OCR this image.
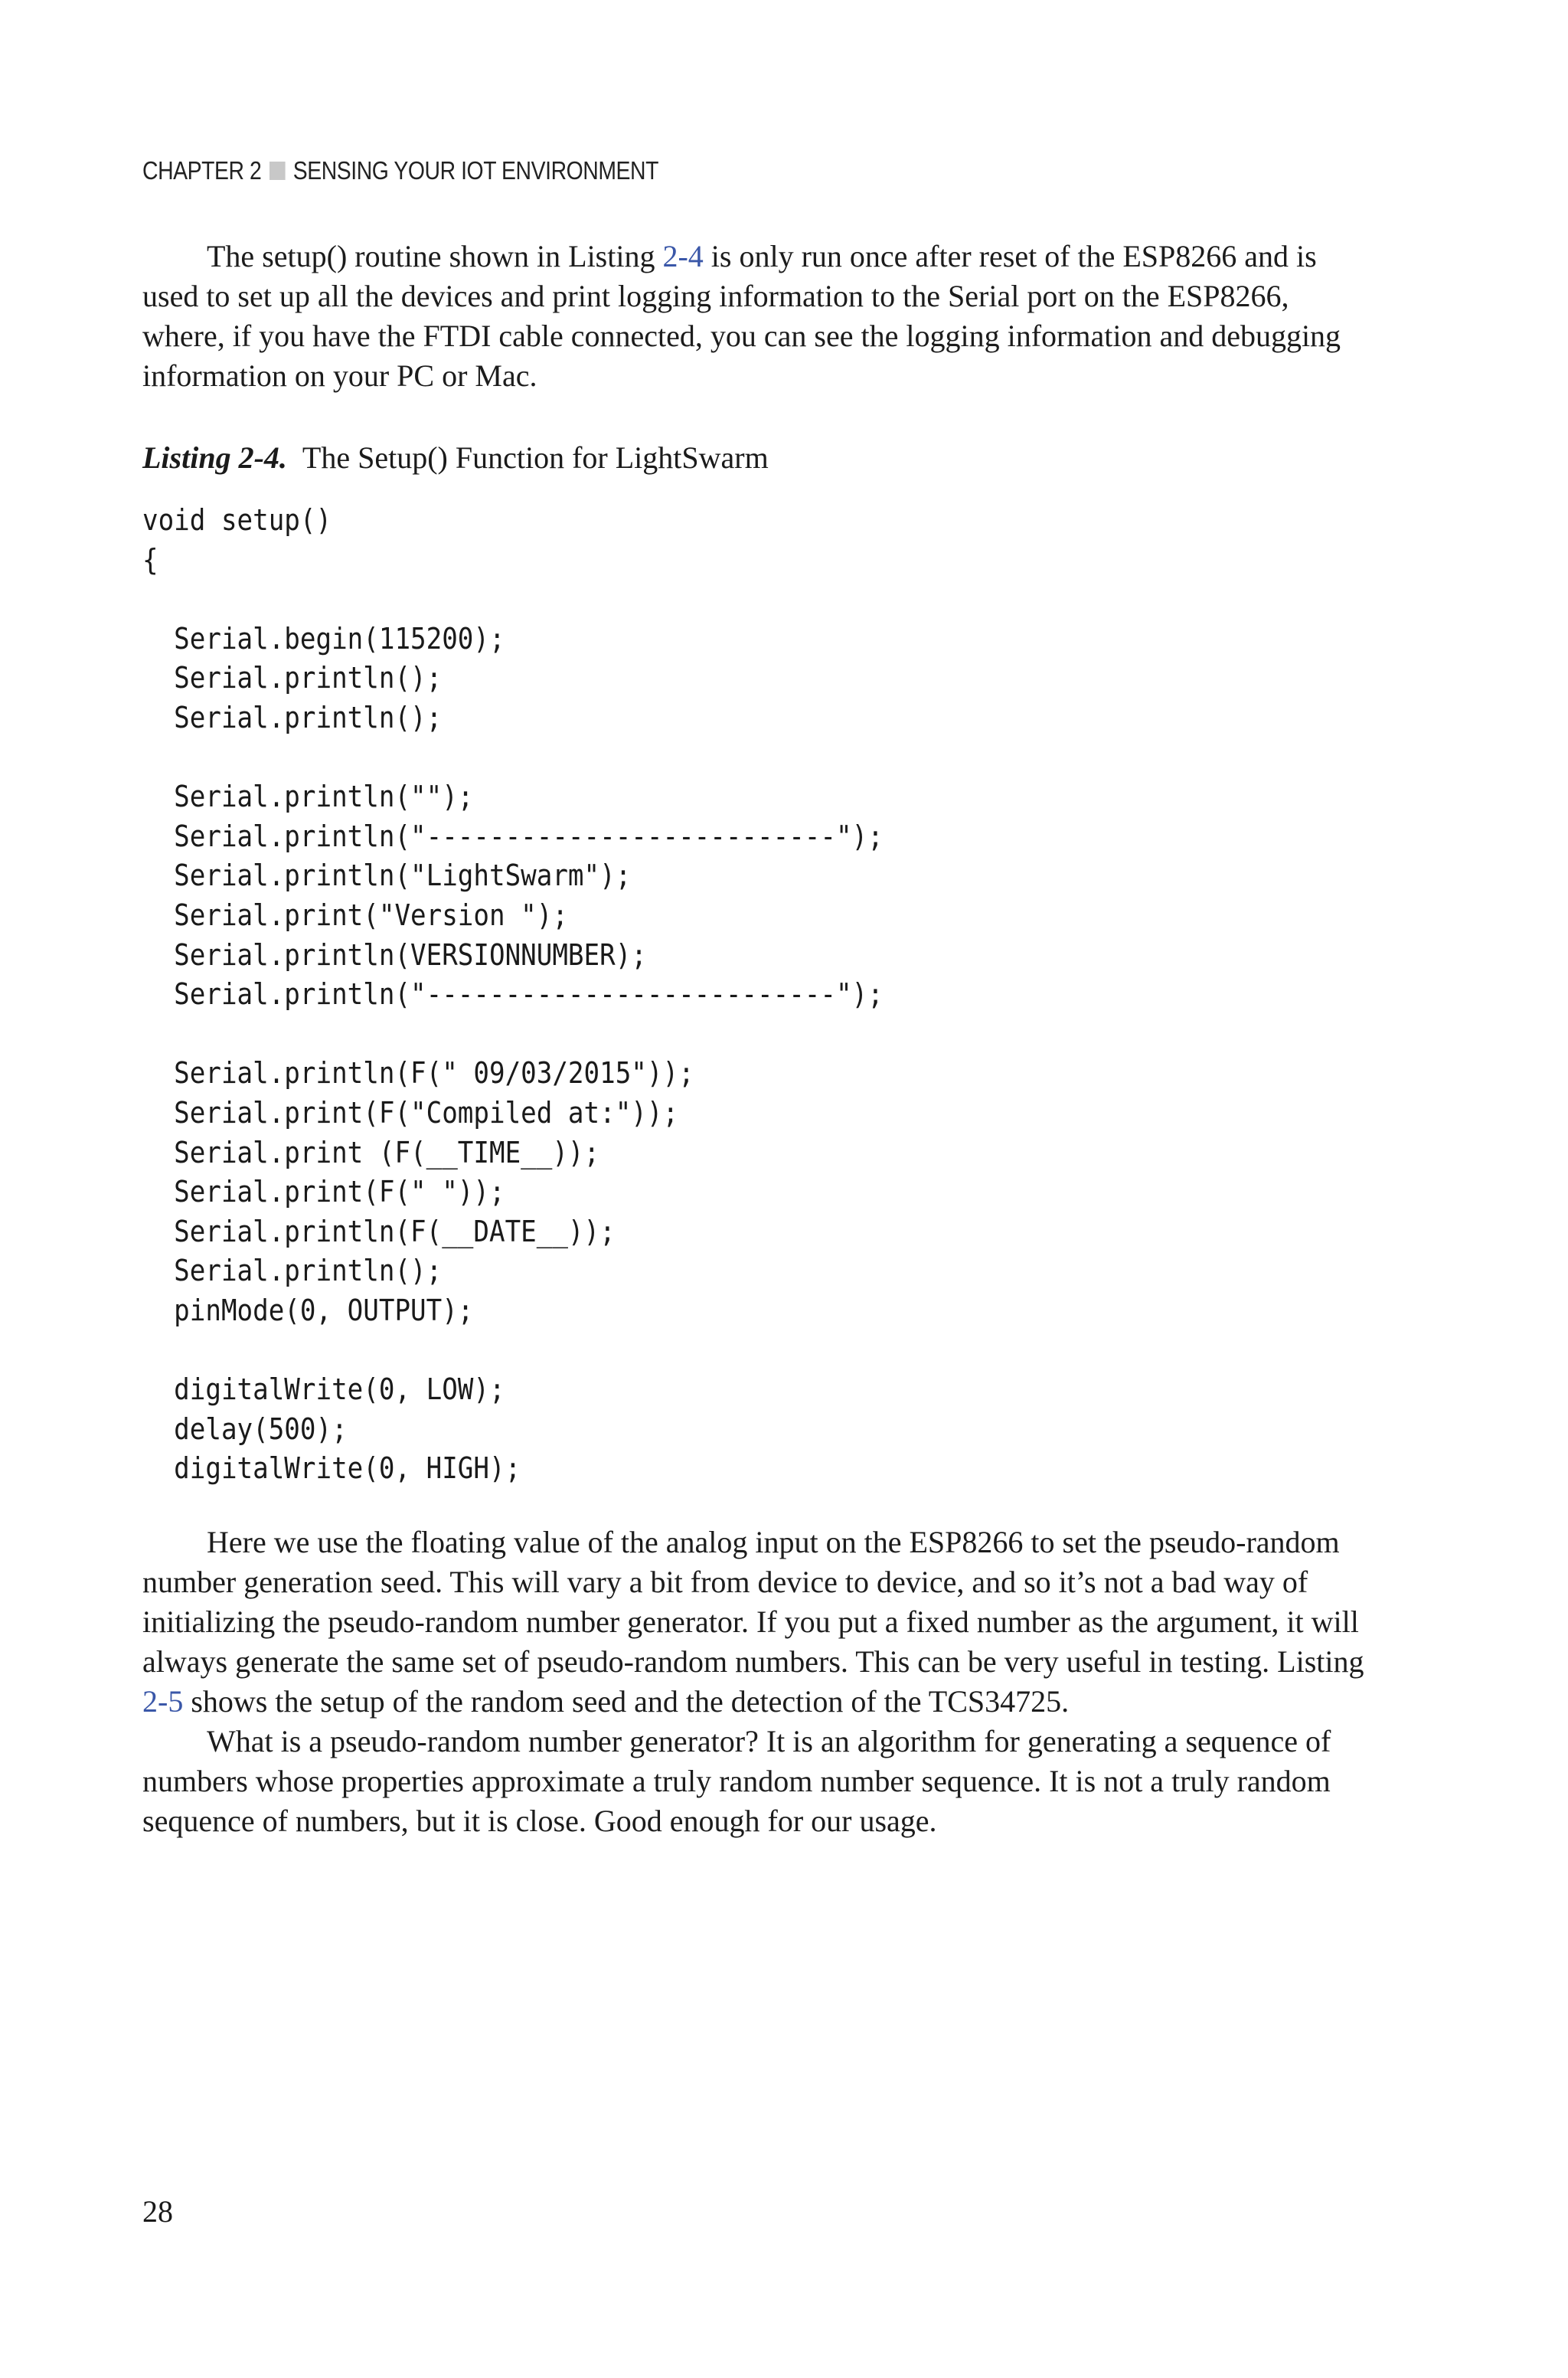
CHAPTER 2 SENSING YOUR IOT ENVIRONMENT

The setup() routine shown in Listing 2-4 is only run once after reset of the ESP8266 and is used to set up all the devices and print logging information to the Serial port on the ESP8266, where, if you have the FTDI cable connected, you can see the logging information and debugging information on your PC or Mac.

Listing 2-4. The Setup() Function for LightSwarm
void setup()
{

Serial.begin(115200);
Serial.println();
Serial.println();

Serial.println("");
Serial.println("--------------------------");
Serial.println("LightSwarm");
Serial.print("Version ");
Serial.println(VERSIONNUMBER);
Serial.println("--------------------------");

Serial.println(F(" 09/03/2015"));
Serial.print(F("Compiled at:"));
Serial.print (F(__TIME__));
Serial.print(F(" "));
Serial.println(F(__DATE__));
Serial.println();
pinMode(0, OUTPUT);

digitalWrite(0, LOW);
delay(500);
digitalWrite(0, HIGH);

Here we use the floating value of the analog input on the ESP8266 to set the pseudo-random number generation seed. This will vary a bit from device to device, and so it’s not a bad way of initializing the pseudo-random number generator. If you put a fixed number as the argument, it will always generate the same set of pseudo-random numbers. This can be very useful in testing. Listing 2-5 shows the setup of the random seed and the detection of the TCS34725.

What is a pseudo-random number generator? It is an algorithm for generating a sequence of numbers whose properties approximate a truly random number sequence. It is not a truly random sequence of numbers, but it is close. Good enough for our usage.

28
